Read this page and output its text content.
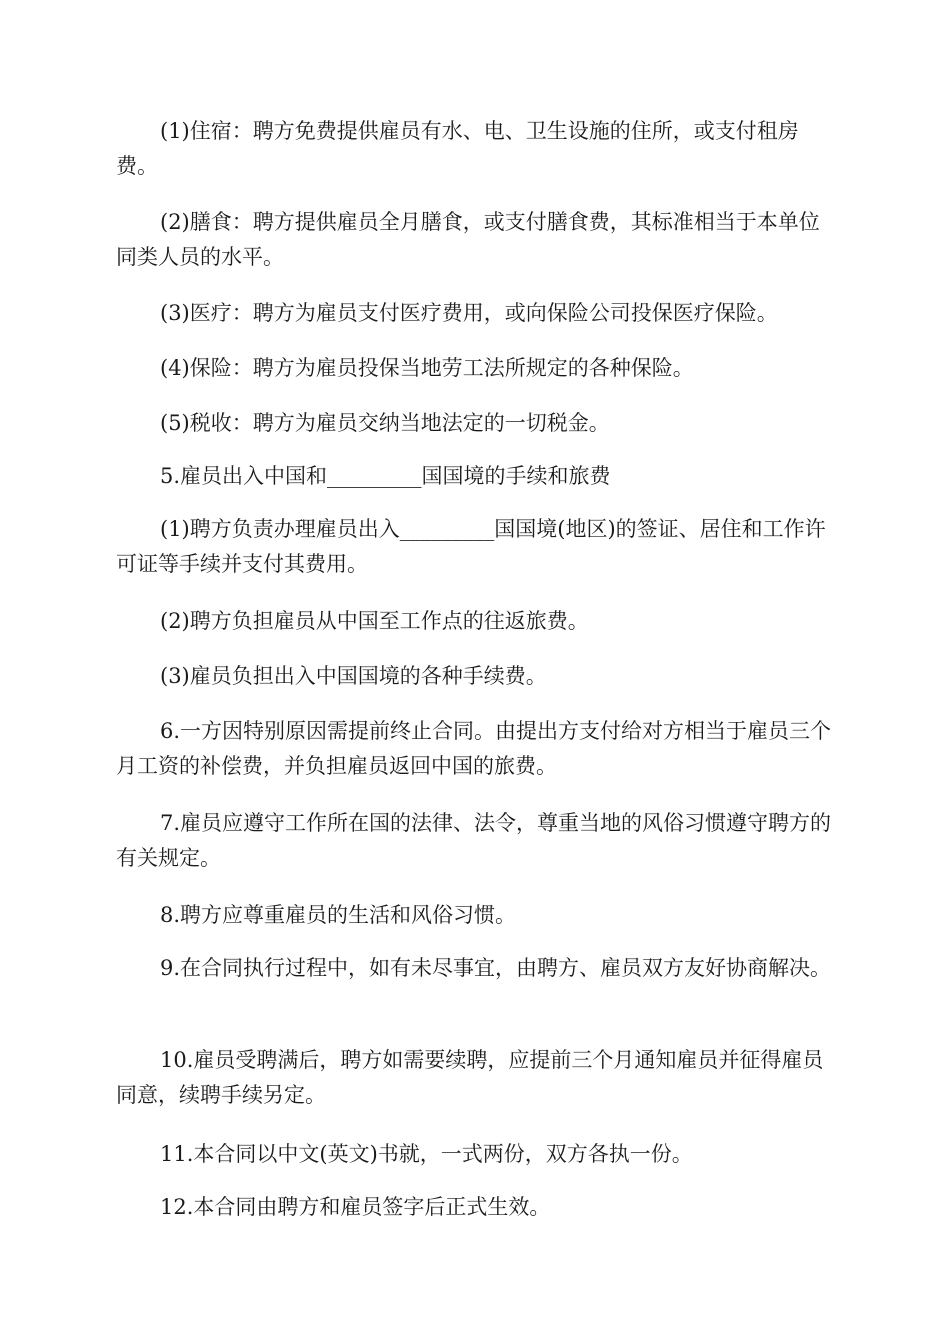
(1)住宿：聘方免费提供雇员有水、电、卫生设施的住所，或支付租房费。

(2)膳食：聘方提供雇员全月膳食，或支付膳食费，其标准相当于本单位同类人员的水平。

(3)医疗：聘方为雇员支付医疗费用，或向保险公司投保医疗保险。

(4)保险：聘方为雇员投保当地劳工法所规定的各种保险。

(5)税收：聘方为雇员交纳当地法定的一切税金。

5.雇员出入中国和_________国国境的手续和旅费

(1)聘方负责办理雇员出入_________国国境(地区)的签证、居住和工作许可证等手续并支付其费用。

(2)聘方负担雇员从中国至工作点的往返旅费。

(3)雇员负担出入中国国境的各种手续费。

6.一方因特别原因需提前终止合同。由提出方支付给对方相当于雇员三个月工资的补偿费，并负担雇员返回中国的旅费。

7.雇员应遵守工作所在国的法律、法令，尊重当地的风俗习惯遵守聘方的有关规定。

8.聘方应尊重雇员的生活和风俗习惯。

9.在合同执行过程中，如有未尽事宜，由聘方、雇员双方友好协商解决。

10.雇员受聘满后，聘方如需要续聘，应提前三个月通知雇员并征得雇员同意，续聘手续另定。

11.本合同以中文(英文)书就，一式两份，双方各执一份。

12.本合同由聘方和雇员签字后正式生效。
